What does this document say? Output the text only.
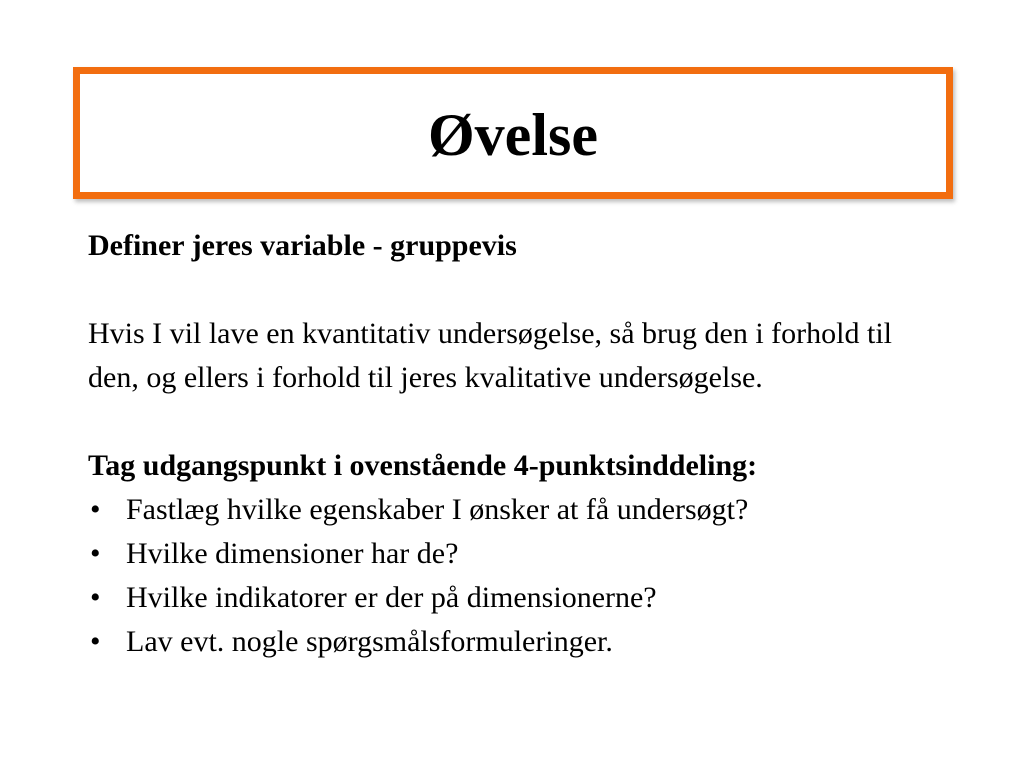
Øvelse

Definer jeres variable - gruppevis

Hvis I vil lave en kvantitativ undersøgelse, så brug den i forhold til den, og ellers i forhold til jeres kvalitative undersøgelse.

Tag udgangspunkt i ovenstående 4-punktsinddeling:

• Fastlæg hvilke egenskaber I ønsker at få undersøgt?
• Hvilke dimensioner har de?
• Hvilke indikatorer er der på dimensionerne?
• Lav evt. nogle spørgsmålsformuleringer.
